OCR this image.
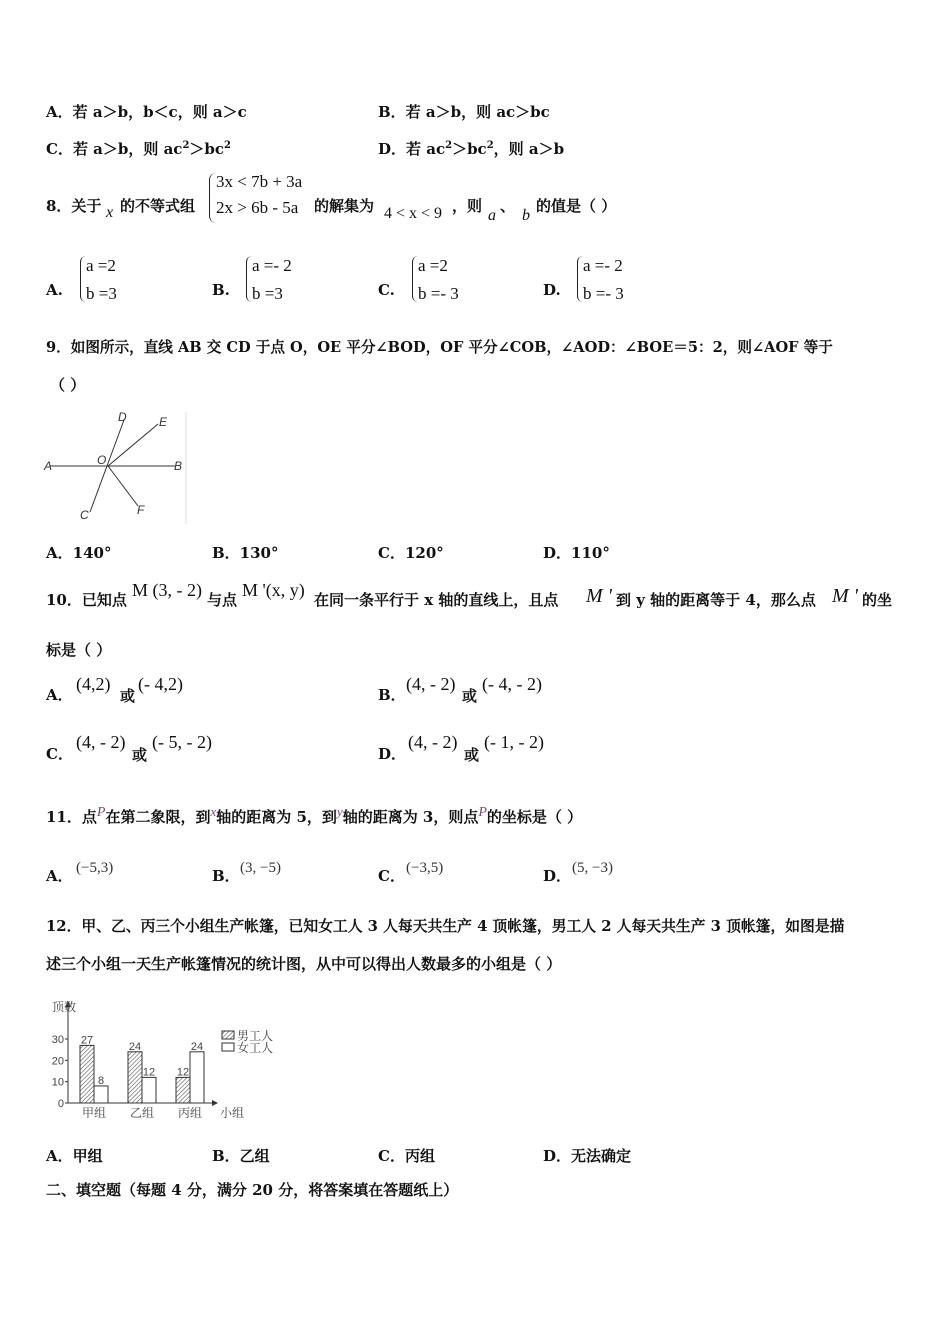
A．若 a＞b，b＜c，则 a＞c	B．若 a＞b，则 ac＞bc
C．若 a＞b，则 $ac^2>bc^2$	D．若 $ac^2>bc^2$，则 a＞b
8．关于 x 的不等式组
3x < 7b + 3a
2x > 6b - 5a 的解集为 4 < x < 9 ，则
a
、
b
的值是（ ）
A.
a =2
b =3	B.
a =- 2
b =3	C.
a =2
b =- 3	D.
a =- 2
b =- 3
9．如图所示，直线 AB 交 CD 于点 O，OE 平分∠BOD，OF 平分∠COB，∠AOD：∠BOE＝5：2，则∠AOF 等于
（ ）
A	B
O
D	E
C	F
A．140°	B．130°	C．120°	D．110°
10．已知点 M (3, - 2) 与点 M '(x, y) 在同一条平行于 x 轴的直线上，且点 M ' 到 y 轴的距离等于 4，那么点 M ' 的坐
标是（ ）
A．
(4,2)
或
(- 4,2)
B．
(4, - 2)
或
(- 4, - 2)
C．
(4, - 2)
或
(- 5, - 2)
D．
(4, - 2)
或
(- 1, - 2)
11．点P在第二象限，到x轴的距离为 5，到y轴的距离为 3，则点P的坐标是（ ）
A． (−5,3)	B． (3, −5)	C． (−3,5)	D． (5, −3)
12．甲、乙、丙三个小组生产帐篷，已知女工人 3 人每天共生产 4 顶帐篷，男工人 2 人每天共生产 3 顶帐篷，如图是描
述三个小组一天生产帐篷情况的统计图，从中可以得出人数最多的小组是（ ）
顶数
小组
0
10
20
30 27
8
甲组
24
12
乙组
12
24
丙组
男工人
女工人
A．甲组	B．乙组	C．丙组	D．无法确定
二、填空题（每题 4 分，满分 20 分，将答案填在答题纸上）
